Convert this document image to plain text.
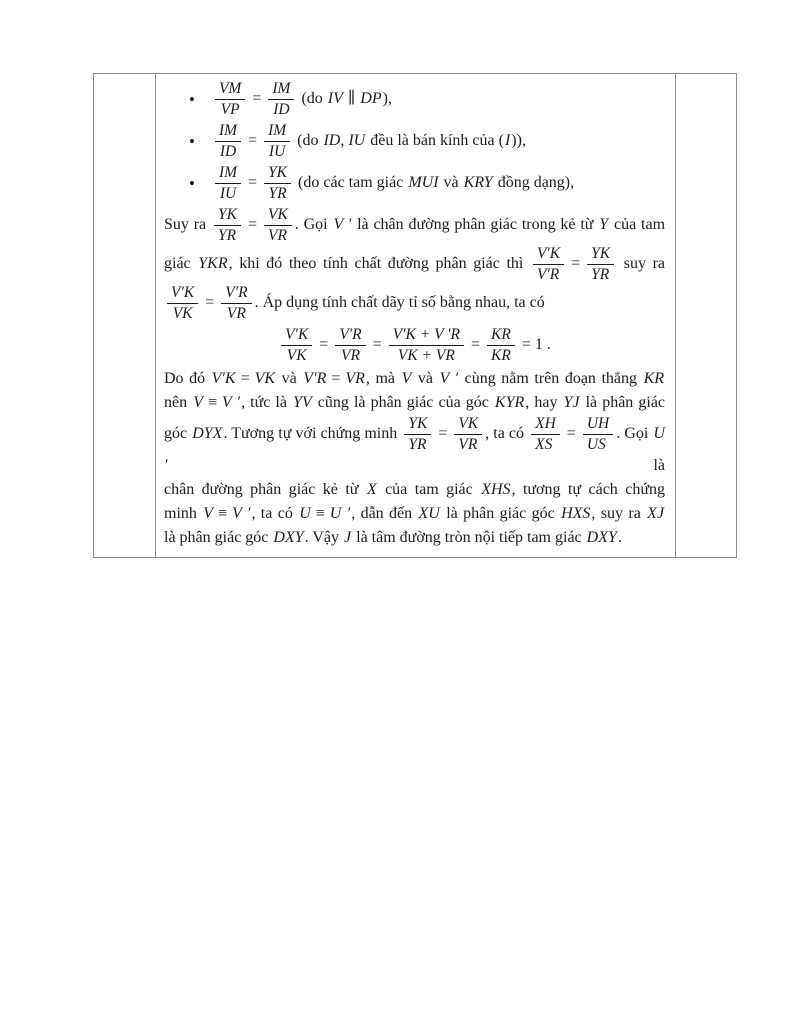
• $\frac{VM}{VP} = \frac{IM}{ID} (do$ IV ∥ DP),
• $\frac{IM}{ID} = \frac{IM}{IU} (do$ ID, IU đều là bán kính của (I)),
• $\frac{IM}{IU} = \frac{YK}{YR} (do$ các tam giác MUI và KRY đồng dạng),
Suy ra $\frac{YK}{YR} = \frac{VK}{VR}$ . Gọi V ′ là chân đường phân giác trong kẻ từ Y của tam
giác YKR, khi đó theo tính chất đường phân giác thì $\frac{V'K}{V'R} = \frac{YK}{YR}$ suy ra
$\frac{V'K}{VK} = \frac{V'R}{VR}$ . Áp dụng tính chất dãy tỉ số bằng nhau, ta có
$\frac{V'K}{VK} = \frac{V'R}{VR} = \frac{V'K + V 'R}{VK + VR} = \frac{KR}{KR} = 1$ .
Do đó V′K = VK và V′R = VR, mà V và V ′ cùng nằm trên đoạn thẳng KR
nên V ≡ V ′, tức là YV cũng là phân giác của góc KYR, hay YJ là phân giác
góc DYX. Tương tự với chứng minh $\frac{YK}{YR} = \frac{VK}{VR}$ , ta có $\frac{XH}{XS} = \frac{UH}{US}$ . Gọi U ′ là
chân đường phân giác kẻ từ X của tam giác XHS, tương tự cách chứng
minh V ≡ V ′, ta có U ≡ U ′, dẫn đến XU là phân giác góc HXS, suy ra XJ
là phân giác góc DXY. Vậy J là tâm đường tròn nội tiếp tam giác DXY.
